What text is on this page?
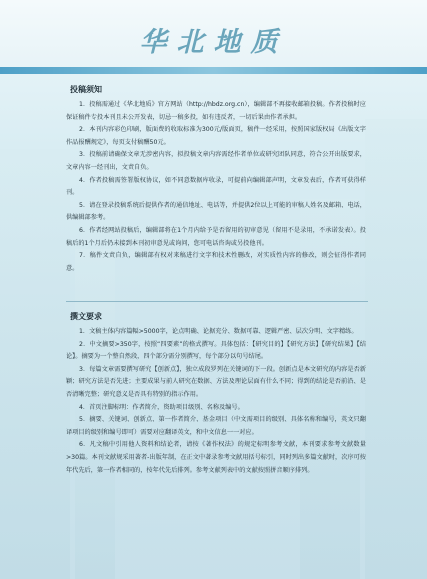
华北地质
投稿须知

1．投稿需通过《华北地质》官方网站（http://hbdz.org.cn），编辑部不再接收邮箱投稿。作者投稿时应保证稿件专投本刊且未公开发表，切忌一稿多投，如有违反者，一切后果由作者承担。

2．本刊内容彩色印刷，版面费的收取标准为300元/版面页，稿件一经采用，按照国家版权局《出版文字作品报酬规定》，每页支付稿酬50元。

3．投稿前请确保文章无涉密内容，拟投稿文章内容需经作者单位或研究团队同意，符合公开出版要求，文章内容一经刊出，文责自负。

4．作者投稿需签署版权协议，如不同意数据库收录，可提前向编辑部声明，文章发表后，作者可获得样刊。

5．请在登录投稿系统后提供作者的通信地址、电话等，并提供2位以上可能的审稿人姓名及邮箱、电话，供编辑部参考。

6．作者经网站投稿后，编辑部将在1个月内给予是否留用的初审意见（留用不是录用，不承诺发表）。投稿后的1个月后仍未接到本刊初审意见或询问，您可电话咨询或另投他刊。

7．稿件文责自负，编辑部有权对来稿进行文字和技术性删改，对实质性内容的修改，则会征得作者同意。

撰文要求

1．文稿主体内容篇幅>5000字，论点明确、论据充分、数据可靠、逻辑严密、层次分明、文字精练。

2．中文摘要>350字，按照“四要素”的格式撰写。具体包括：【研究目的】【研究方法】【研究结果】【结论】。摘要为一个整自然段，四个部分需分别撰写，每个部分以句号结尾。

3．每篇文章需要撰写研究【创新点】，独立成段罗列在关键词的下一段。创新点是本文研究的内容是否新颖；研究方法是否先进；主要成果与前人研究在数据、方法及理论层面有什么不同；得到的结论是否前沿、是否清晰完整；研究意义是否具有特别的指示作用。

4．首页注脚标明：作者简介，资助项目级别、名称及编号。

5．摘要、关键词、创新点、第一作者简介、基金项目（中文需项目的级别、具体名称和编号，英文只翻译项目的级别和编号即可）需要对应翻译英文，和中文信息一一对应。

6．凡文稿中引用他人资料和结论者，请按《著作权法》的规定标明参考文献，本刊要求参考文献数量>30篇。本刊文献规采用著者-出版年制，在正文中著录参考文献用括号标引，同时列出多篇文献时，次序可按年代先后，第一作者相同的，按年代先后排列。参考文献列表中的文献按照拼音顺序排列。
